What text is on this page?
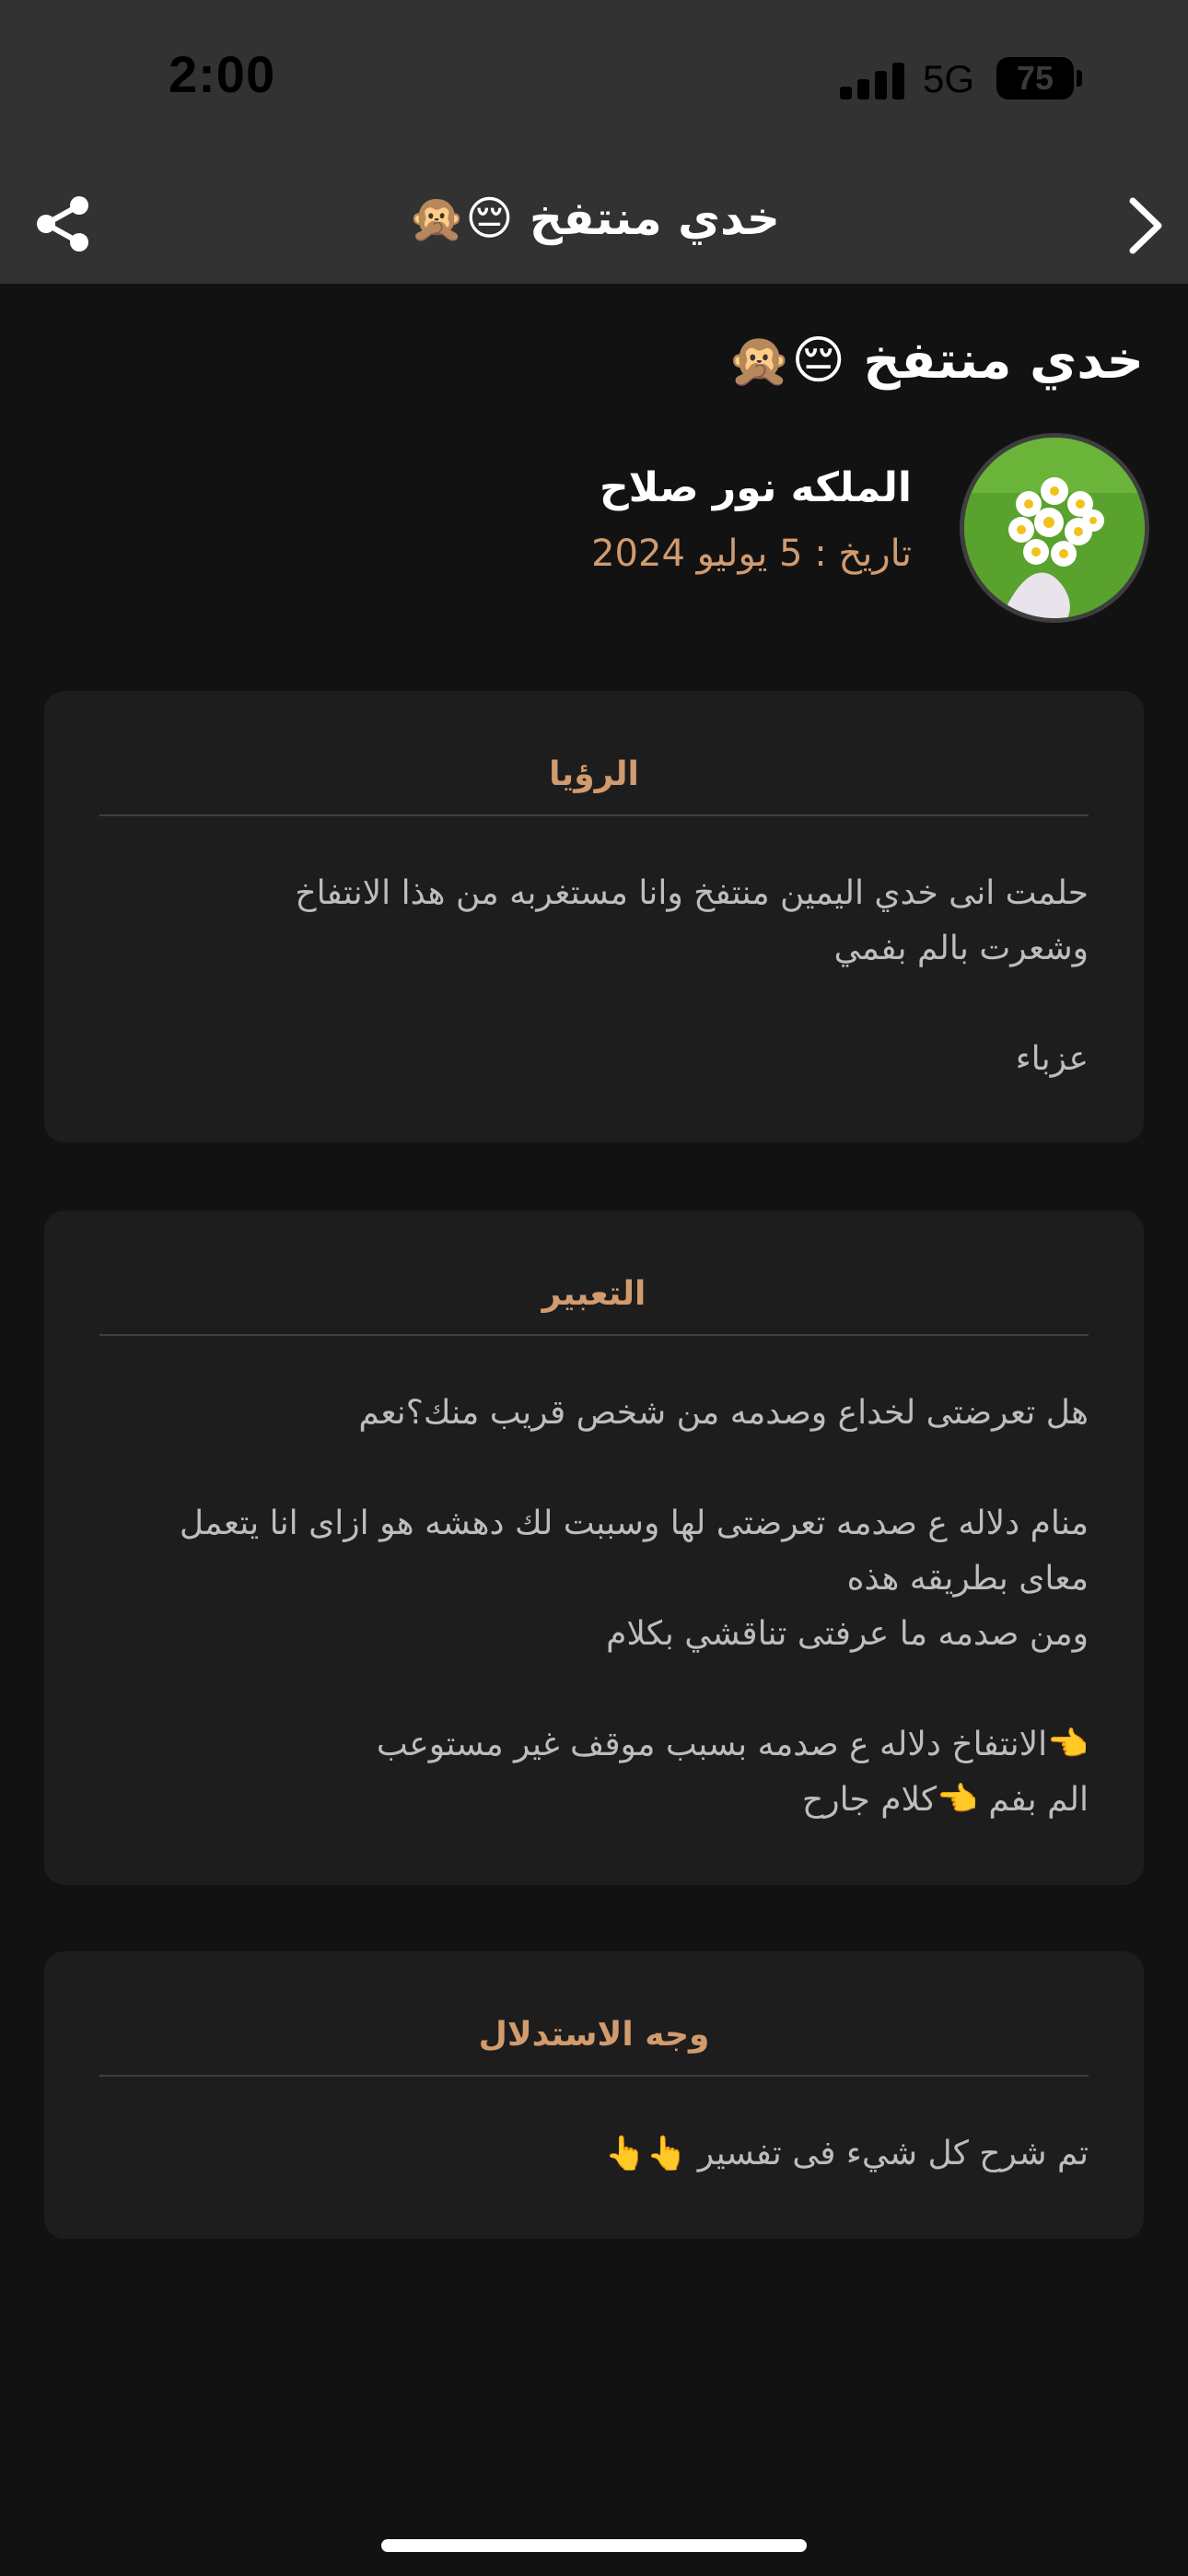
2:00	5G 75
خدي منتفخ 😔🙊
خدي منتفخ 😔🙊
الملكه نور صلاح
تاريخ : 5 يوليو 2024
الرؤيا

حلمت انى خدي اليمين منتفخ وانا مستغربه من هذا الانتفاخ

وشعرت بالم بفمي

عزباء

التعبير

هل تعرضتى لخداع وصدمه من شخص قريب منك؟نعم

منام دلاله ع صدمه تعرضتى لها وسببت لك دهشه هو ازاى انا يتعمل

معاى بطريقه هذه

ومن صدمه ما عرفتى تناقشي بكلام

👈الانتفاخ دلاله ع صدمه بسبب موقف غير مستوعب

الم بفم 👈كلام جارح

وجه الاستدلال

تم شرح كل شيء فى تفسير 👆👆
